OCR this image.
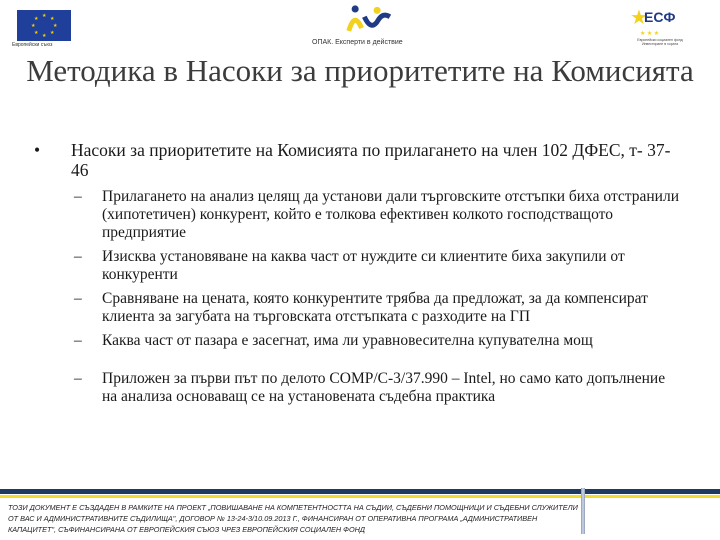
★
★
★
★
★
★
★
★
Европейски съюз	ОПАК. Експерти в действие
★
ЕСФ
★ ★ ★
Европейски социален фонд Инвестиране в хората
Методика в Насоки за приоритетите на Комисията
• Насоки за приоритетите на Комисията по прилагането на член 102 ДФЕС, т- 37-46
– Прилагането на анализ целящ да установи дали търговските отстъпки биха отстранили (хипотетичен) конкурент, който е толкова ефективен колкото господстващото предприятие
– Изисква установяване на каква част от нуждите си клиентите биха закупили от конкуренти
– Сравняване на цената, която конкурентите трябва да предложат, за да компенсират клиента за загубата на търговската отстъпката с разходите на ГП
– Каква част от пазара е засегнат, има ли уравновесителна купувателна мощ
– Приложен за първи път по делото COMP/C-3/37.990 – Intel, но само като допълнение на анализа основаващ се на установената съдебна практика
ТОЗИ ДОКУМЕНТ Е СЪЗДАДЕН В РАМКИТЕ НА ПРОЕКТ „ПОВИШАВАНЕ НА КОМПЕТЕНТНОСТТА НА СЪДИИ, СЪДЕБНИ ПОМОЩНИЦИ И СЪДЕБНИ СЛУЖИТЕЛИ ОТ ВАС И АДМИНИСТРАТИВНИТЕ СЪДИЛИЩА", ДОГОВОР № 13-24-3/10.09.2013 Г., ФИНАНСИРАН ОТ ОПЕРАТИВНА ПРОГРАМА „АДМИНИСТРАТИВЕН КАПАЦИТЕТ", СЪФИНАНСИРАНА ОТ ЕВРОПЕЙСКИЯ СЪЮЗ ЧРЕЗ ЕВРОПЕЙСКИЯ СОЦИАЛЕН ФОНД
